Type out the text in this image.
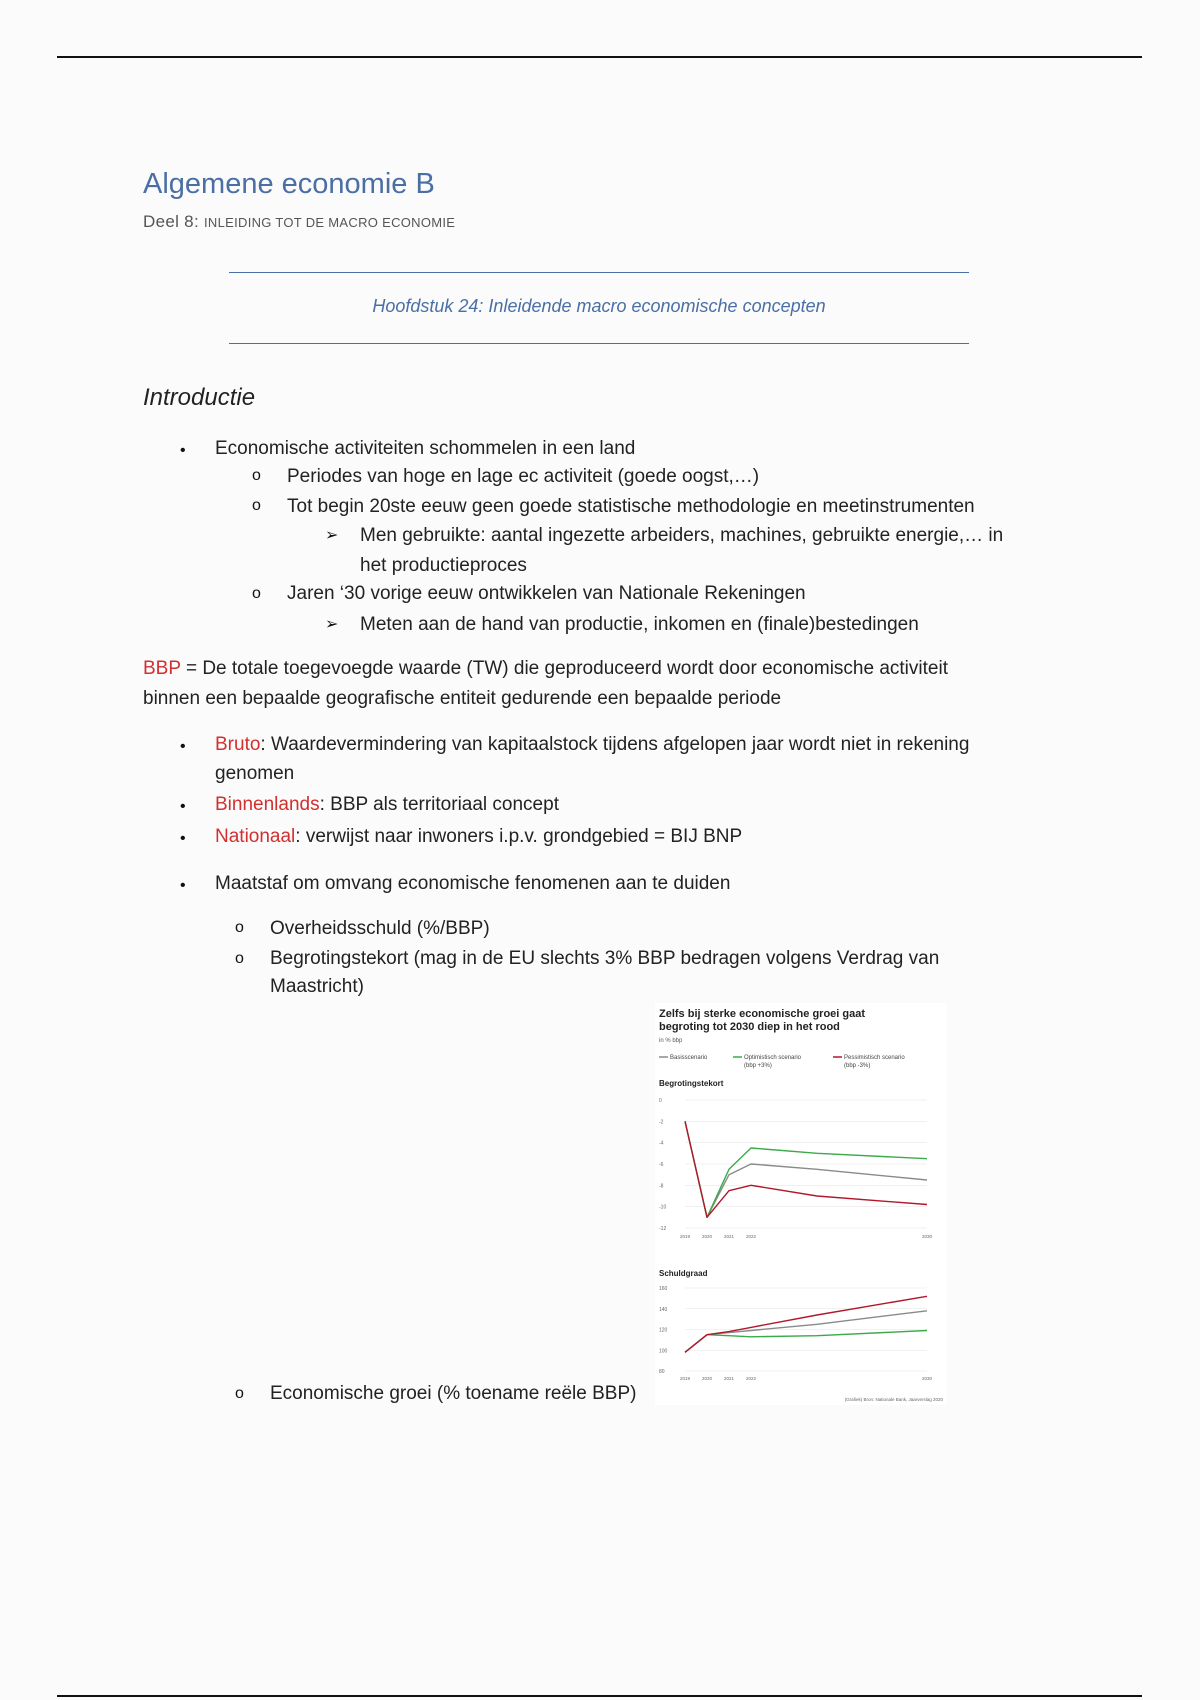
Algemene economie B
Deel 8: INLEIDING TOT DE MACRO ECONOMIE
Hoofdstuk 24: Inleidende macro economische concepten
Introductie
• Economische activiteiten schommelen in een land
o Periodes van hoge en lage ec activiteit (goede oogst,…)
o Tot begin 20ste eeuw geen goede statistische methodologie en meetinstrumenten
➢ Men gebruikte: aantal ingezette arbeiders, machines, gebruikte energie,… in
het productieproces
o Jaren ‘30 vorige eeuw ontwikkelen van Nationale Rekeningen
➢ Meten aan de hand van productie, inkomen en (finale)bestedingen
BBP = De totale toegevoegde waarde (TW) die geproduceerd wordt door economische activiteit
binnen een bepaalde geografische entiteit gedurende een bepaalde periode
• Bruto: Waardevermindering van kapitaalstock tijdens afgelopen jaar wordt niet in rekening
genomen
• Binnenlands: BBP als territoriaal concept
• Nationaal: verwijst naar inwoners i.p.v. grondgebied = BIJ BNP
• Maatstaf om omvang economische fenomenen aan te duiden
o Overheidsschuld (%/BBP)
o Begrotingstekort (mag in de EU slechts 3% BBP bedragen volgens Verdrag van
Maastricht)
o Economische groei (% toename reële BBP)
Zelfs bij sterke economische groei gaat
begroting tot 2030 diep in het rood
in % bbp
Basisscenario	Optimistisch scenario
(bbp +3%)
Pessimistisch scenario
(bbp -3%)
Begrotingstekort
0
-2
-4
-6
-8
-10
-12
2019	2020	2021	2022	2030
Schuldgraad
160
140
120
100
80
2019	2020	2021	2022	2030
(Grafiek) Bron: Nationale Bank, Jaarverslag 2020
